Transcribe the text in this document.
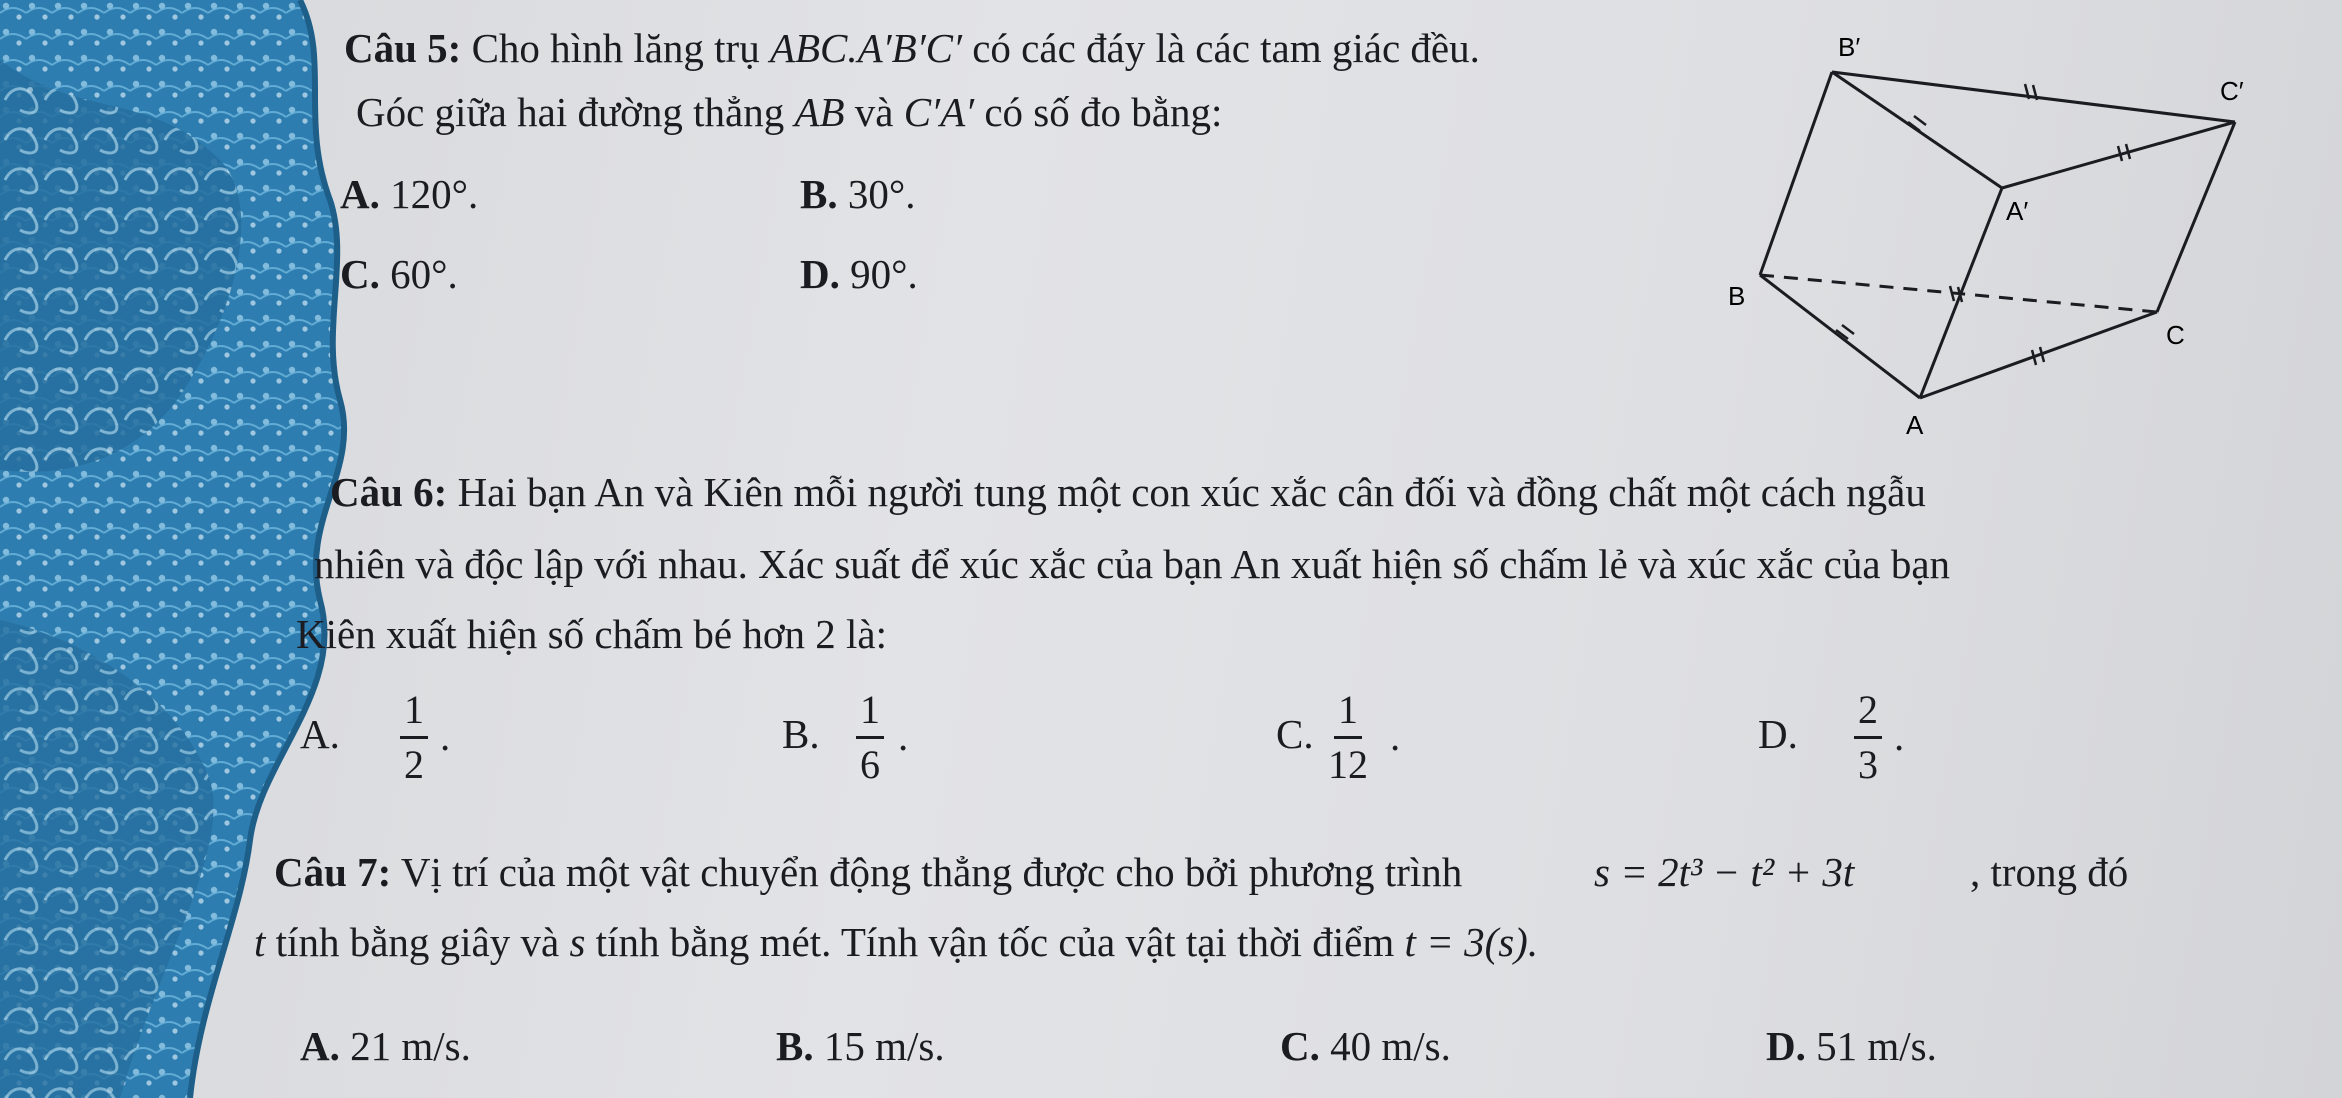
Câu 5: Cho hình lăng trụ ABC.A′B′C′ có các đáy là các tam giác đều.
Góc giữa hai đường thẳng AB và C′A′ có số đo bằng:
A. 120°.	B. 30°.
C. 60°.	D. 90°.
B′
C′
A′
B
C
A
Câu 6: Hai bạn An và Kiên mỗi người tung một con xúc xắc cân đối và đồng chất một cách ngẫu
nhiên và độc lập với nhau. Xác suất để xúc xắc của bạn An xuất hiện số chấm lẻ và xúc xắc của bạn
Kiên xuất hiện số chấm bé hơn 2 là:
A. $\frac{1}{2}$ .	B. $\frac{1}{6}$ .	C. $\frac{1}{12}$ .	D. $\frac{2}{3}$ .
Câu 7: Vị trí của một vật chuyển động thẳng được cho bởi phương trình	s = 2t³ − t² + 3t	, trong đó
t tính bằng giây và s tính bằng mét. Tính vận tốc của vật tại thời điểm t = 3(s).
A. 21 m/s.	B. 15 m/s.	C. 40 m/s.	D. 51 m/s.
